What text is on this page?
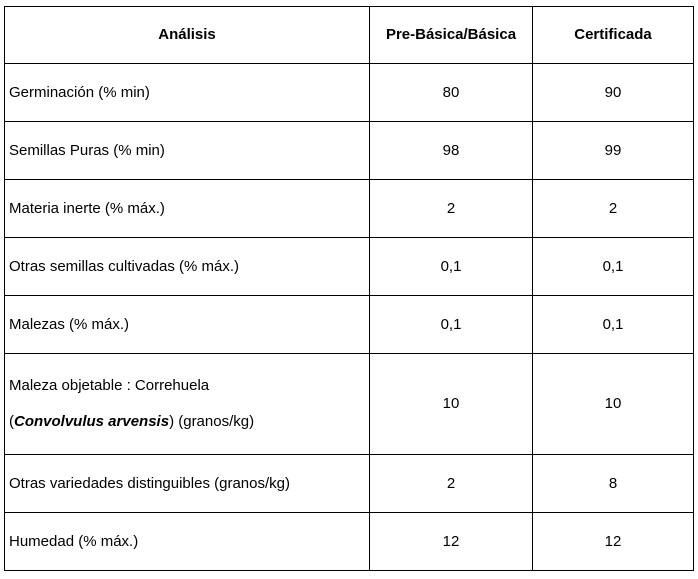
Análisis	Pre-Básica/Básica	Certificada
Germinación (% min)	80	90
Semillas Puras (% min)	98	99
Materia inerte (% máx.)	2	2
Otras semillas cultivadas (% máx.)	0,1	0,1
Malezas (% máx.)	0,1	0,1
Maleza objetable : Correhuela
(Convolvulus arvensis) (granos/kg)	10	10
Otras variedades distinguibles (granos/kg)	2	8
Humedad (% máx.)	12	12
